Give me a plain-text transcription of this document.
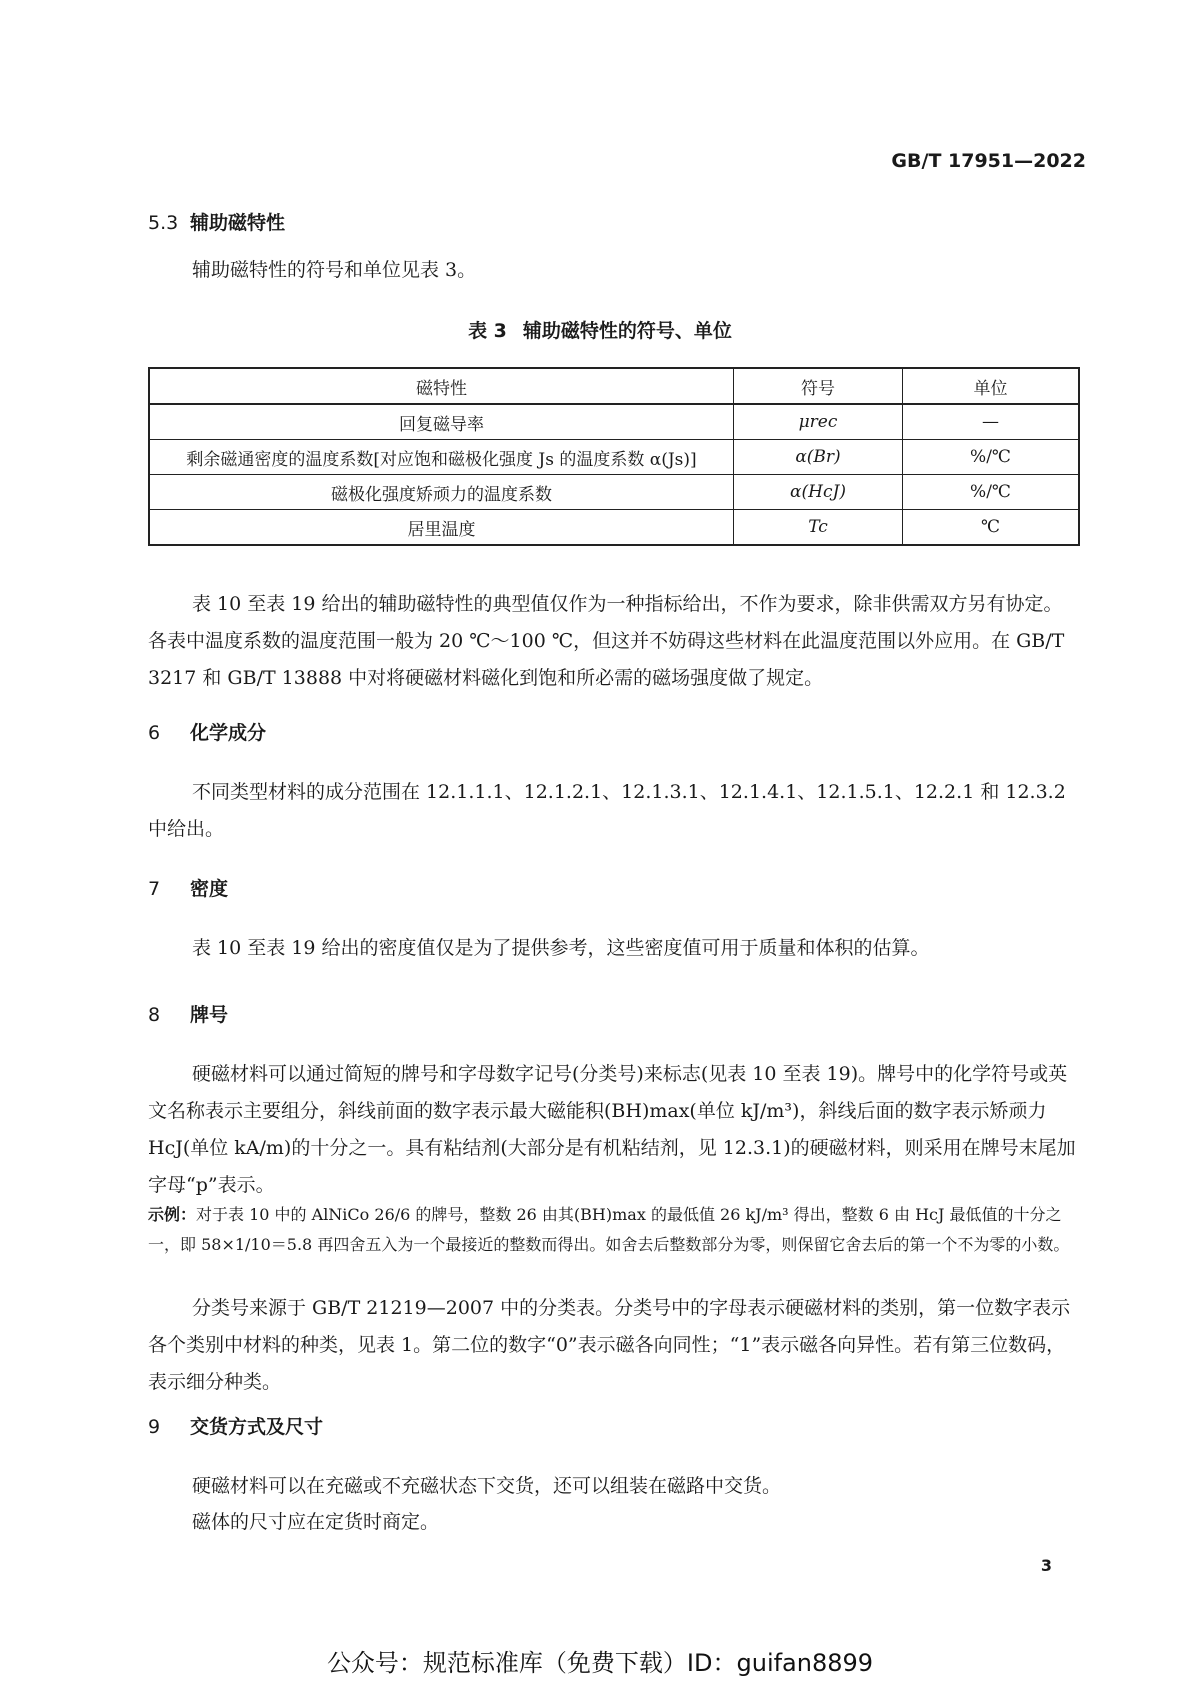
GB/T 17951—2022
5.3 辅助磁特性
辅助磁特性的符号和单位见表 3。
表 3 辅助磁特性的符号、单位
磁特性	符号	单位
回复磁导率	μrec	—
剩余磁通密度的温度系数[对应饱和磁极化强度 Js 的温度系数 α(Js)]	α(Br)	%/℃
磁极化强度矫顽力的温度系数	α(HcJ)	%/℃
居里温度	Tc	℃
表 10 至表 19 给出的辅助磁特性的典型值仅作为一种指标给出，不作为要求，除非供需双方另有协定。各表中温度系数的温度范围一般为 20 ℃～100 ℃，但这并不妨碍这些材料在此温度范围以外应用。在 GB/T 3217 和 GB/T 13888 中对将硬磁材料磁化到饱和所必需的磁场强度做了规定。
6 化学成分
不同类型材料的成分范围在 12.1.1.1、12.1.2.1、12.1.3.1、12.1.4.1、12.1.5.1、12.2.1 和 12.3.2 中给出。
7 密度
表 10 至表 19 给出的密度值仅是为了提供参考，这些密度值可用于质量和体积的估算。
8 牌号
硬磁材料可以通过简短的牌号和字母数字记号(分类号)来标志(见表 10 至表 19)。牌号中的化学符号或英文名称表示主要组分，斜线前面的数字表示最大磁能积(BH)max(单位 kJ/m³)，斜线后面的数字表示矫顽力 HcJ(单位 kA/m)的十分之一。具有粘结剂(大部分是有机粘结剂，见 12.3.1)的硬磁材料，则采用在牌号末尾加字母“p”表示。
示例：对于表 10 中的 AlNiCo 26/6 的牌号，整数 26 由其(BH)max 的最低值 26 kJ/m³ 得出，整数 6 由 HcJ 最低值的十分之一，即 58×1/10＝5.8 再四舍五入为一个最接近的整数而得出。如舍去后整数部分为零，则保留它舍去后的第一个不为零的小数。
分类号来源于 GB/T 21219—2007 中的分类表。分类号中的字母表示硬磁材料的类别，第一位数字表示各个类别中材料的种类，见表 1。第二位的数字“0”表示磁各向同性；“1”表示磁各向异性。若有第三位数码，表示细分种类。
9 交货方式及尺寸
硬磁材料可以在充磁或不充磁状态下交货，还可以组装在磁路中交货。
磁体的尺寸应在定货时商定。
3
公众号：规范标准库（免费下载）ID：guifan8899
